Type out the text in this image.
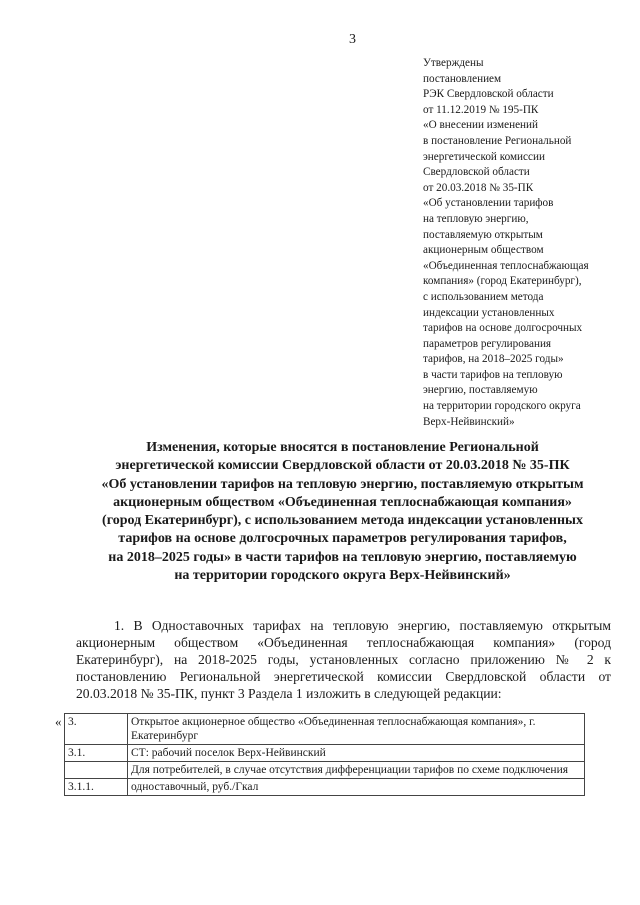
3
Утверждены
постановлением
РЭК Свердловской области
от 11.12.2019 № 195-ПК
«О внесении изменений
в постановление Региональной
энергетической комиссии
Свердловской области
от 20.03.2018 № 35-ПК
«Об установлении тарифов
на тепловую энергию,
поставляемую открытым
акционерным обществом
«Объединенная теплоснабжающая
компания» (город Екатеринбург),
с использованием метода
индексации установленных
тарифов на основе долгосрочных
параметров регулирования
тарифов, на 2018–2025 годы»
в части тарифов на тепловую
энергию, поставляемую
на территории городского округа
Верх-Нейвинский»
Изменения, которые вносятся в постановление Региональной
энергетической комиссии Свердловской области от 20.03.2018 № 35-ПК
«Об установлении тарифов на тепловую энергию, поставляемую открытым
акционерным обществом «Объединенная теплоснабжающая компания»
(город Екатеринбург), с использованием метода индексации установленных
тарифов на основе долгосрочных параметров регулирования тарифов,
на 2018–2025 годы» в части тарифов на тепловую энергию, поставляемую
на территории городского округа Верх-Нейвинский»
1. В Одноставочных тарифах на тепловую энергию, поставляемую открытым акционерным обществом «Объединенная теплоснабжающая компания» (город Екатеринбург), на 2018-2025 годы, установленных согласно приложению № 2 к постановлению Региональной энергетической комиссии Свердловской области от 20.03.2018 № 35-ПК, пункт 3 Раздела 1 изложить в следующей редакции:
« 3.	Открытое акционерное общество «Объединенная теплоснабжающая компания», г. Екатеринбург
3.1.	СТ: рабочий поселок Верх-Нейвинский
	Для потребителей, в случае отсутствия дифференциации тарифов по схеме подключения
3.1.1.	одноставочный, руб./Гкал
